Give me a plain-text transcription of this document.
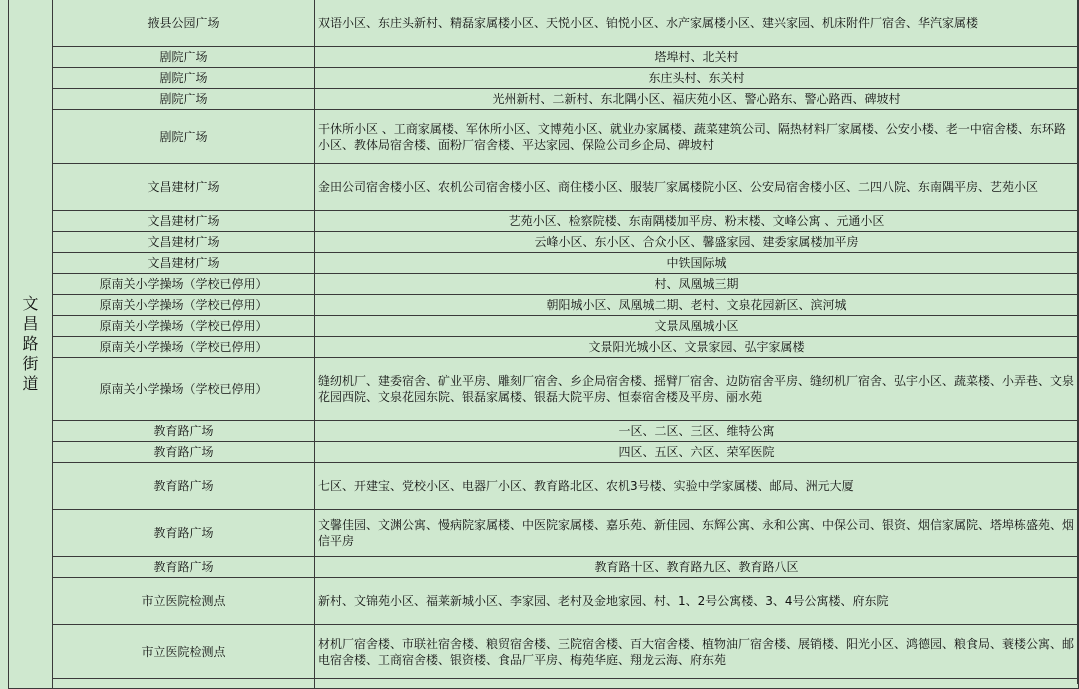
文昌路街道	掖县公园广场	双语小区、东庄头新村、精磊家属楼小区、天悦小区、铂悦小区、水产家属楼小区、建兴家园、机床附件厂宿舍、华汽家属楼
	剧院广场	塔埠村、北关村
	剧院广场	东庄头村、东关村
	剧院广场	光州新村、二新村、东北隅小区、福庆苑小区、警心路东、警心路西、碑坡村
	剧院广场	干休所小区 、工商家属楼、军休所小区、文博苑小区、就业办家属楼、蔬菜建筑公司、隔热材料厂家属楼、公安小楼、老一中宿舍楼、东环路小区、教体局宿舍楼、面粉厂宿舍楼、平达家园、保险公司乡企局、碑坡村
	文昌建材广场	金田公司宿舍楼小区、农机公司宿舍楼小区、商住楼小区、服装厂家属楼院小区、公安局宿舍楼小区、二四八院、东南隅平房、艺苑小区
	文昌建材广场	艺苑小区、检察院楼、东南隅楼加平房、粉末楼、文峰公寓 、元通小区
	文昌建材广场	云峰小区、东小区、合众小区、馨盛家园、建委家属楼加平房
	文昌建材广场	中铁国际城
	原南关小学操场（学校已停用）	村、凤凰城三期
	原南关小学操场（学校已停用）	朝阳城小区、凤凰城二期、老村、文泉花园新区、滨河城
	原南关小学操场（学校已停用）	文景凤凰城小区
	原南关小学操场（学校已停用）	文景阳光城小区、文景家园、弘宇家属楼
	原南关小学操场（学校已停用）	缝纫机厂、建委宿舍、矿业平房、雕刻厂宿舍、乡企局宿舍楼、摇臂厂宿舍、边防宿舍平房、缝纫机厂宿舍、弘宇小区、蔬菜楼、小弄巷、文泉花园西院、文泉花园东院、银磊家属楼、银磊大院平房、恒泰宿舍楼及平房、丽水苑
	教育路广场	一区、二区、三区、维特公寓
	教育路广场	四区、五区、六区、荣军医院
	教育路广场	七区、开建宝、党校小区、电器厂小区、教育路北区、农机3号楼、实验中学家属楼、邮局、洲元大厦
	教育路广场	文馨佳园、文渊公寓、慢病院家属楼、中医院家属楼、嘉乐苑、新佳园、东辉公寓、永和公寓、中保公司、银资、烟信家属院、塔埠栋盛苑、烟信平房
	教育路广场	教育路十区、教育路九区、教育路八区
	市立医院检测点	新村、文锦苑小区、福莱新城小区、李家园、老村及金地家园、村、1、2号公寓楼、3、4号公寓楼、府东院
	市立医院检测点	材机厂宿舍楼、市联社宿舍楼、粮贸宿舍楼、三院宿舍楼、百大宿舍楼、植物油厂宿舍楼、展销楼、阳光小区、鸿德园、粮食局、蓑楼公寓、邮电宿舍楼、工商宿舍楼、银资楼、食品厂平房、梅苑华庭、翔龙云海、府东苑
